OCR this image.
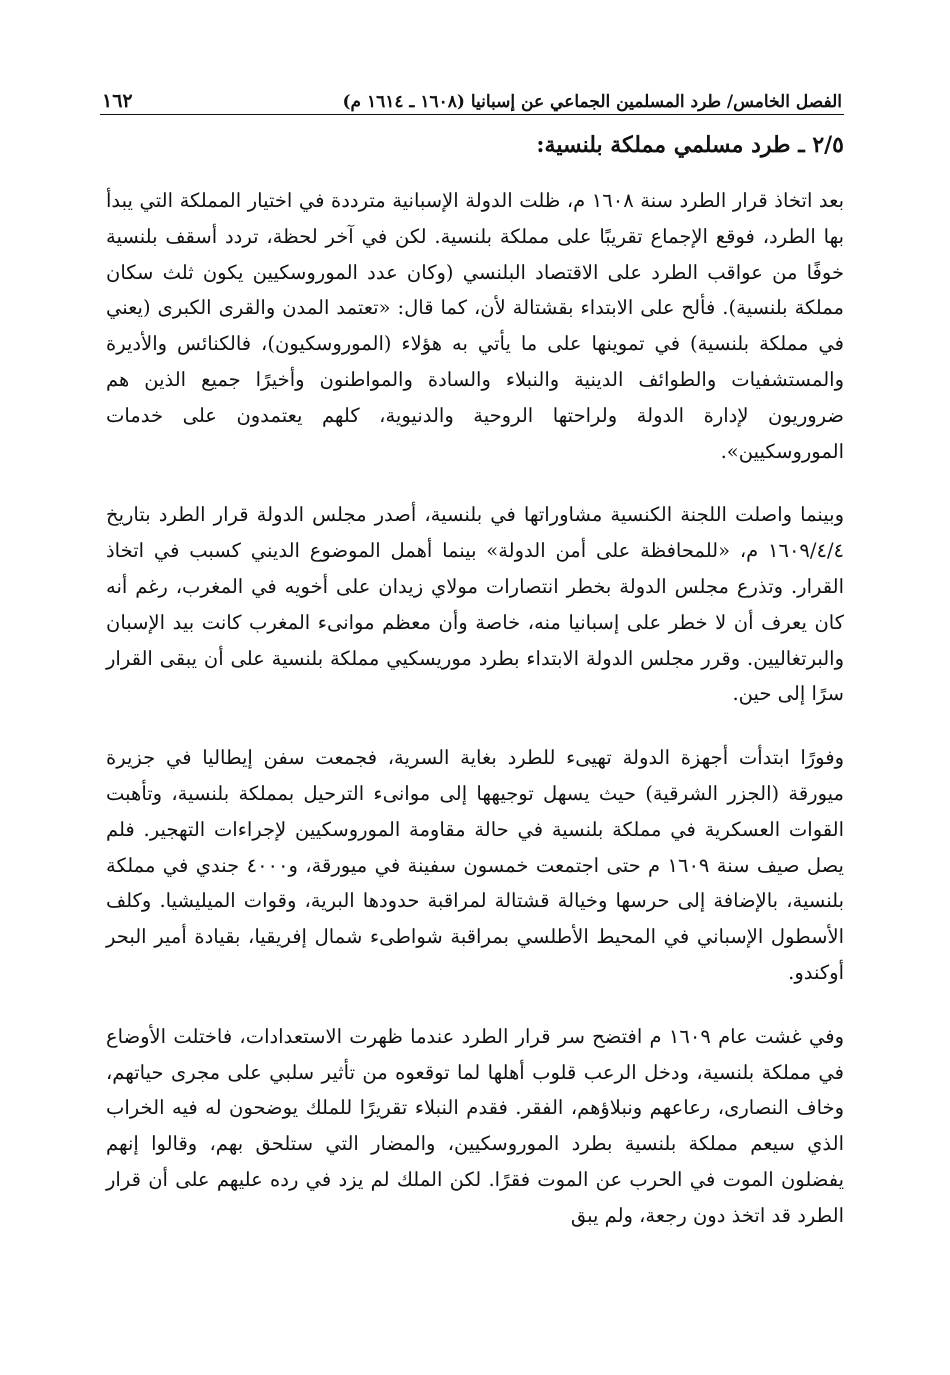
الفصل الخامس/ طرد المسلمين الجماعي عن إسبانيا (١٦٠٨ ـ ١٦١٤ م)
١٦٢
٢/٥ ـ طرد مسلمي مملكة بلنسية:

بعد اتخاذ قرار الطرد سنة ١٦٠٨ م، ظلت الدولة الإسبانية مترددة في اختيار المملكة التي يبدأ بها الطرد، فوقع الإجماع تقريبًا على مملكة بلنسية. لكن في آخر لحظة، تردد أسقف بلنسية خوفًا من عواقب الطرد على الاقتصاد البلنسي (وكان عدد الموروسكيين يكون ثلث سكان مملكة بلنسية). فألح على الابتداء بقشتالة لأن، كما قال: «تعتمد المدن والقرى الكبرى (يعني في مملكة بلنسية) في تموينها على ما يأتي به هؤلاء (الموروسكيون)، فالكنائس والأديرة والمستشفيات والطوائف الدينية والنبلاء والسادة والمواطنون وأخيرًا جميع الذين هم ضروريون لإدارة الدولة ولراحتها الروحية والدنيوية، كلهم يعتمدون على خدمات الموروسكيين».

وبينما واصلت اللجنة الكنسية مشاوراتها في بلنسية، أصدر مجلس الدولة قرار الطرد بتاريخ ١٦٠٩/٤/٤ م، «للمحافظة على أمن الدولة» بينما أهمل الموضوع الديني كسبب في اتخاذ القرار. وتذرع مجلس الدولة بخطر انتصارات مولاي زيدان على أخويه في المغرب، رغم أنه كان يعرف أن لا خطر على إسبانيا منه، خاصة وأن معظم موانىء المغرب كانت بيد الإسبان والبرتغاليين. وقرر مجلس الدولة الابتداء بطرد موريسكيي مملكة بلنسية على أن يبقى القرار سرًا إلى حين.

وفورًا ابتدأت أجهزة الدولة تهيىء للطرد بغاية السرية، فجمعت سفن إيطاليا في جزيرة ميورقة (الجزر الشرقية) حيث يسهل توجيهها إلى موانىء الترحيل بمملكة بلنسية، وتأهبت القوات العسكرية في مملكة بلنسية في حالة مقاومة الموروسكيين لإجراءات التهجير. فلم يصل صيف سنة ١٦٠٩ م حتى اجتمعت خمسون سفينة في ميورقة، و٤٠٠٠ جندي في مملكة بلنسية، بالإضافة إلى حرسها وخيالة قشتالة لمراقبة حدودها البرية، وقوات الميليشيا. وكلف الأسطول الإسباني في المحيط الأطلسي بمراقبة شواطىء شمال إفريقيا، بقيادة أمير البحر أوكندو.

وفي غشت عام ١٦٠٩ م افتضح سر قرار الطرد عندما ظهرت الاستعدادات، فاختلت الأوضاع في مملكة بلنسية، ودخل الرعب قلوب أهلها لما توقعوه من تأثير سلبي على مجرى حياتهم، وخاف النصارى، رعاعهم ونبلاؤهم، الفقر. فقدم النبلاء تقريرًا للملك يوضحون له فيه الخراب الذي سيعم مملكة بلنسية بطرد الموروسكيين، والمضار التي ستلحق بهم، وقالوا إنهم يفضلون الموت في الحرب عن الموت فقرًا. لكن الملك لم يزد في رده عليهم على أن قرار الطرد قد اتخذ دون رجعة، ولم يبق
